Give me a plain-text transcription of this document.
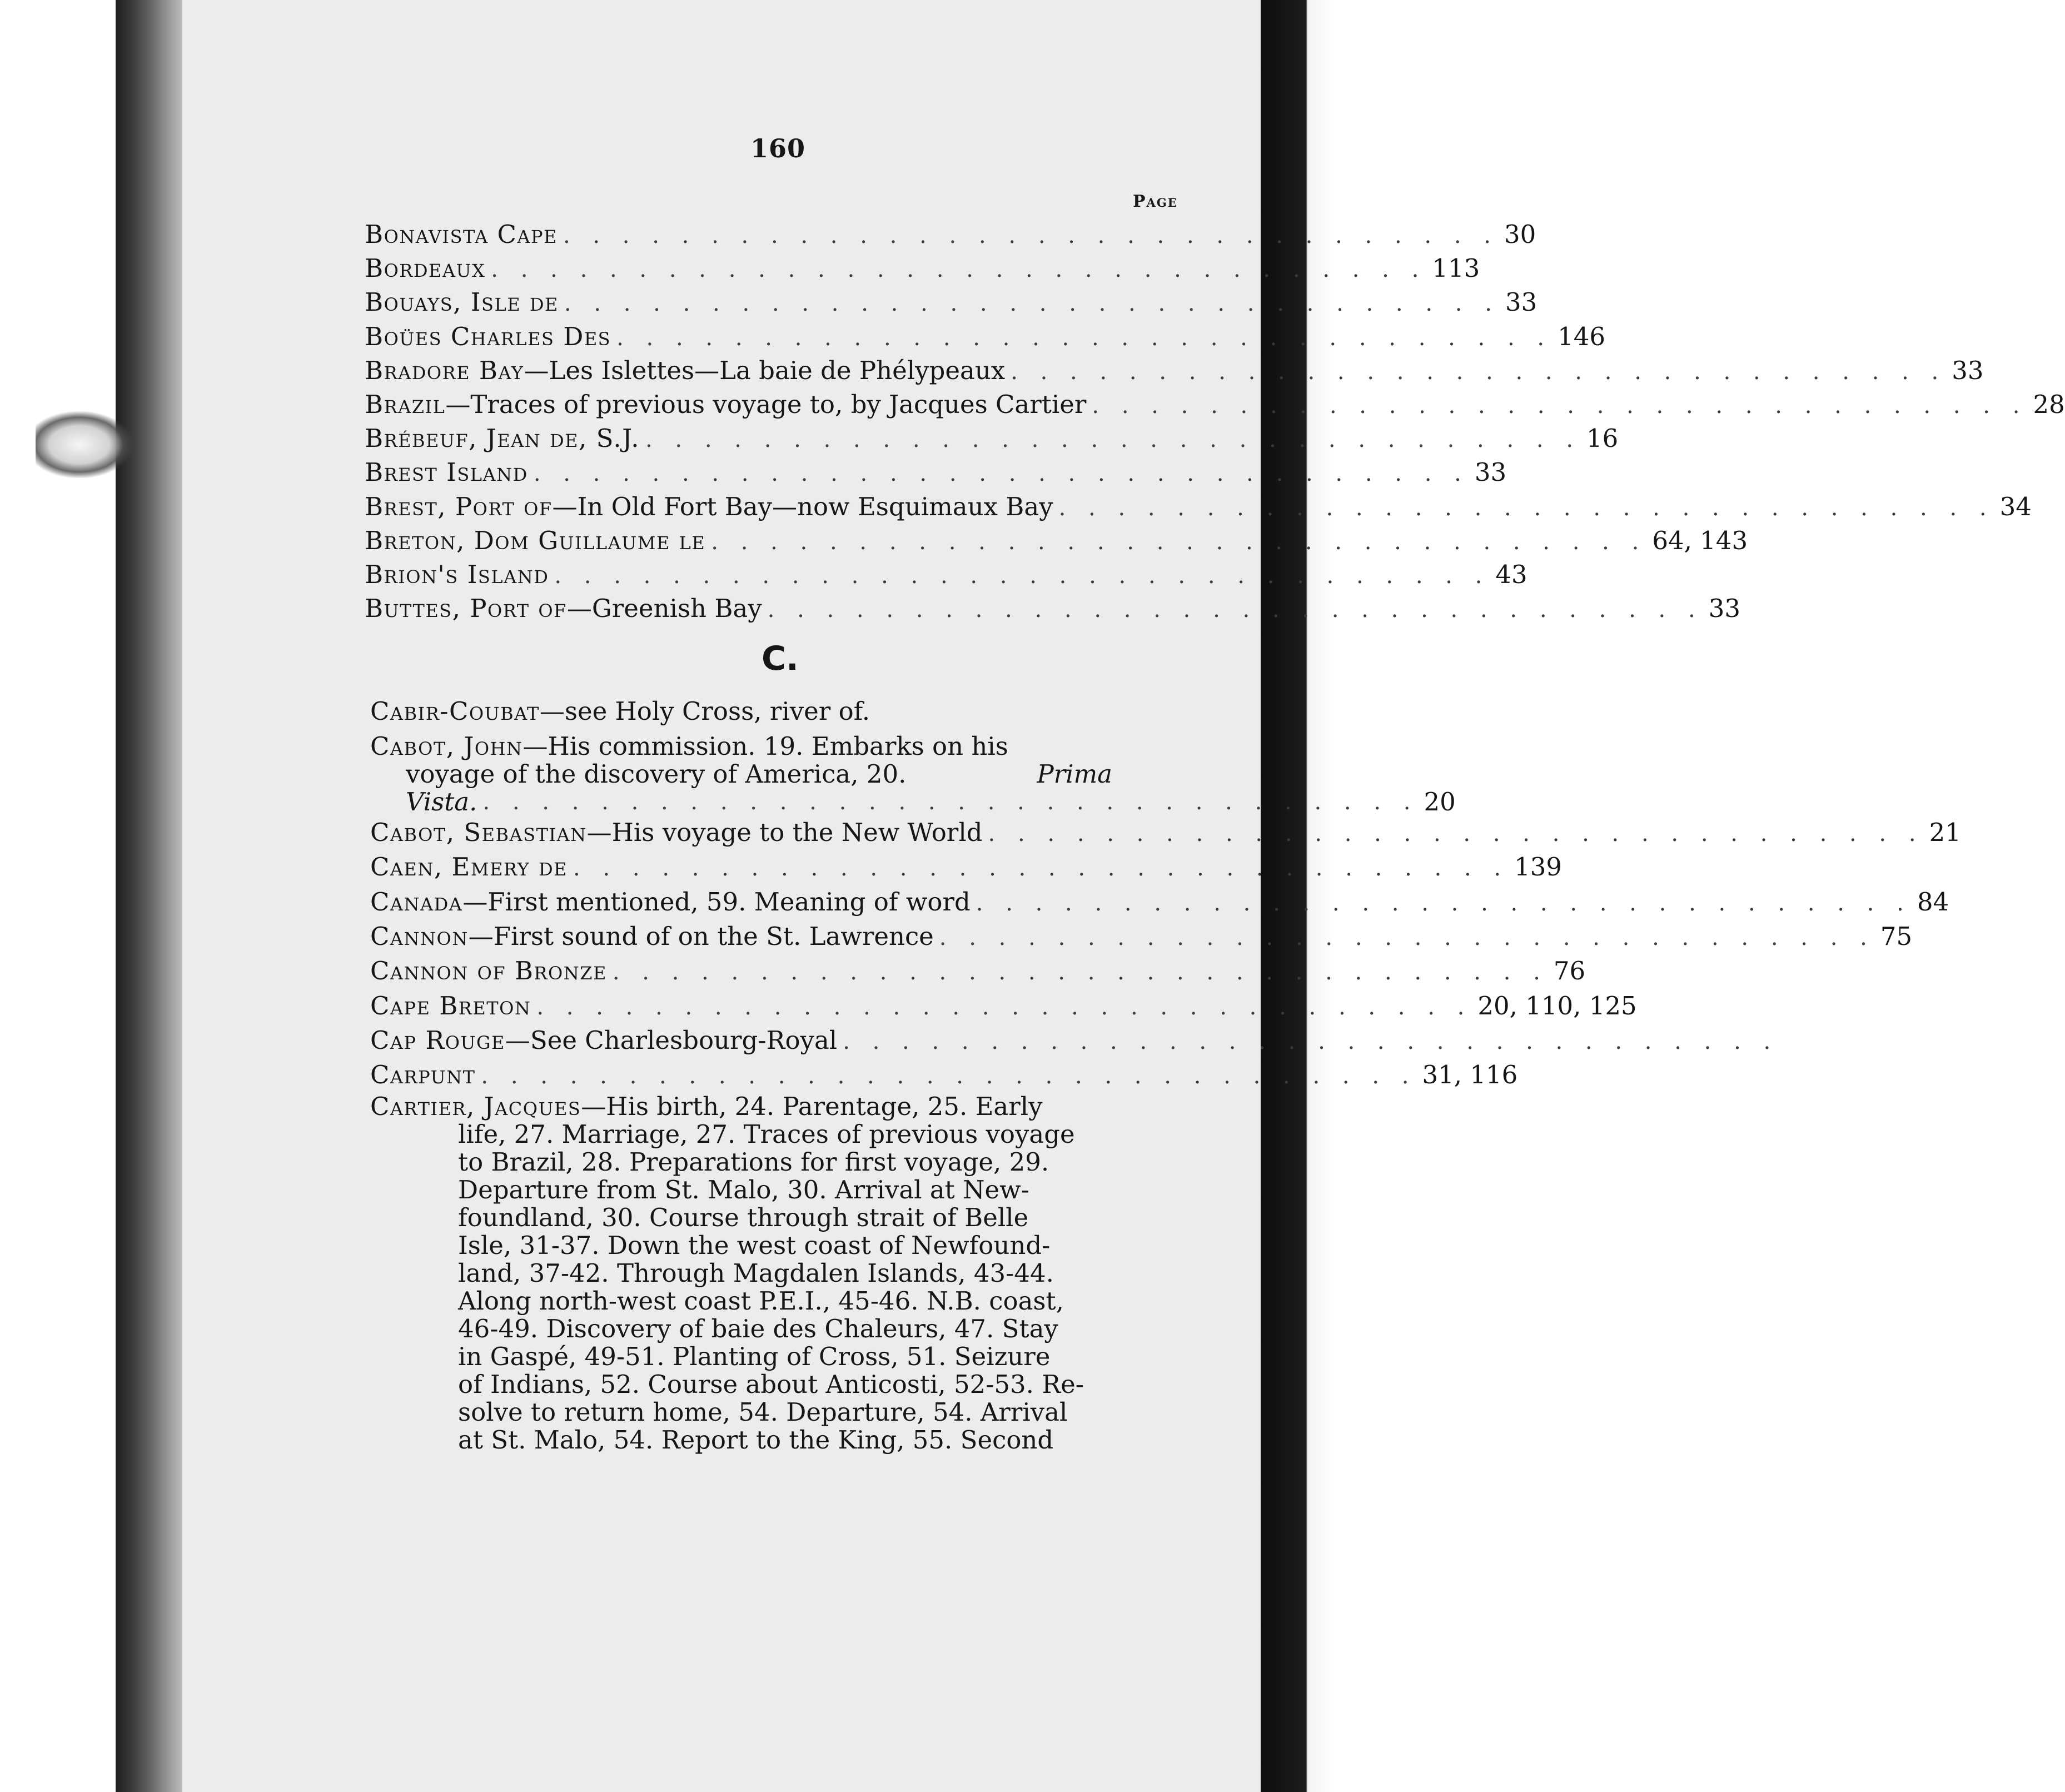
160
Page
Bonavista Cape . . . . . . . . . . . . . . . . . . . . . . . . . . . . . . . . 30
Bordeaux . . . . . . . . . . . . . . . . . . . . . . . . . . . . . . . . 113
Bouays, Isle de . . . . . . . . . . . . . . . . . . . . . . . . . . . . . . . . 33
Boües Charles Des . . . . . . . . . . . . . . . . . . . . . . . . . . . . . . . . 146
Bradore Bay —Les Islettes—La baie de Phélypeaux . . . . . . . . . . . . . . . . . . . . . . . . . . . . . . . . 33
Brazil —Traces of previous voyage to, by Jacques Cartier . . . . . . . . . . . . . . . . . . . . . . . . . . . . . . . . 28
Brébeuf, Jean de, S.J. . . . . . . . . . . . . . . . . . . . . . . . . . . . . . . . . 16
Brest Island . . . . . . . . . . . . . . . . . . . . . . . . . . . . . . . . 33
Brest, Port of —In Old Fort Bay—now Esquimaux Bay . . . . . . . . . . . . . . . . . . . . . . . . . . . . . . . . 34
Breton, Dom Guillaume le . . . . . . . . . . . . . . . . . . . . . . . . . . . . . . . . 64, 143
Brion's Island . . . . . . . . . . . . . . . . . . . . . . . . . . . . . . . . 43
Buttes, Port of —Greenish Bay . . . . . . . . . . . . . . . . . . . . . . . . . . . . . . . . 33
C.
Cabir-Coubat —see Holy Cross, river of.
Cabot, John —His commission. 19. Embarks on his
voyage of the discovery of America, 20.	Prima
Vista. . . . . . . . . . . . . . . . . . . . . . . . . . . . . . . . . 20
Cabot, Sebastian —His voyage to the New World . . . . . . . . . . . . . . . . . . . . . . . . . . . . . . . . 21
Caen, Emery de . . . . . . . . . . . . . . . . . . . . . . . . . . . . . . . . 139
Canada —First mentioned, 59. Meaning of word . . . . . . . . . . . . . . . . . . . . . . . . . . . . . . . . 84
Cannon —First sound of on the St. Lawrence . . . . . . . . . . . . . . . . . . . . . . . . . . . . . . . . 75
Cannon of Bronze . . . . . . . . . . . . . . . . . . . . . . . . . . . . . . . . 76
Cape Breton . . . . . . . . . . . . . . . . . . . . . . . . . . . . . . . . 20, 110, 125
Cap Rouge —See Charlesbourg-Royal . . . . . . . . . . . . . . . . . . . . . . . . . . . . . . . .
Carpunt . . . . . . . . . . . . . . . . . . . . . . . . . . . . . . . . 31, 116
Cartier, Jacques —His birth, 24. Parentage, 25. Early
life, 27. Marriage, 27. Traces of previous voyage
to Brazil, 28. Preparations for first voyage, 29.
Departure from St. Malo, 30. Arrival at New-
foundland, 30. Course through strait of Belle
Isle, 31-37. Down the west coast of Newfound-
land, 37-42. Through Magdalen Islands, 43-44.
Along north-west coast P.E.I., 45-46. N.B. coast,
46-49. Discovery of baie des Chaleurs, 47. Stay
in Gaspé, 49-51. Planting of Cross, 51. Seizure
of Indians, 52. Course about Anticosti, 52-53. Re-
solve to return home, 54. Departure, 54. Arrival
at St. Malo, 54. Report to the King, 55. Second
